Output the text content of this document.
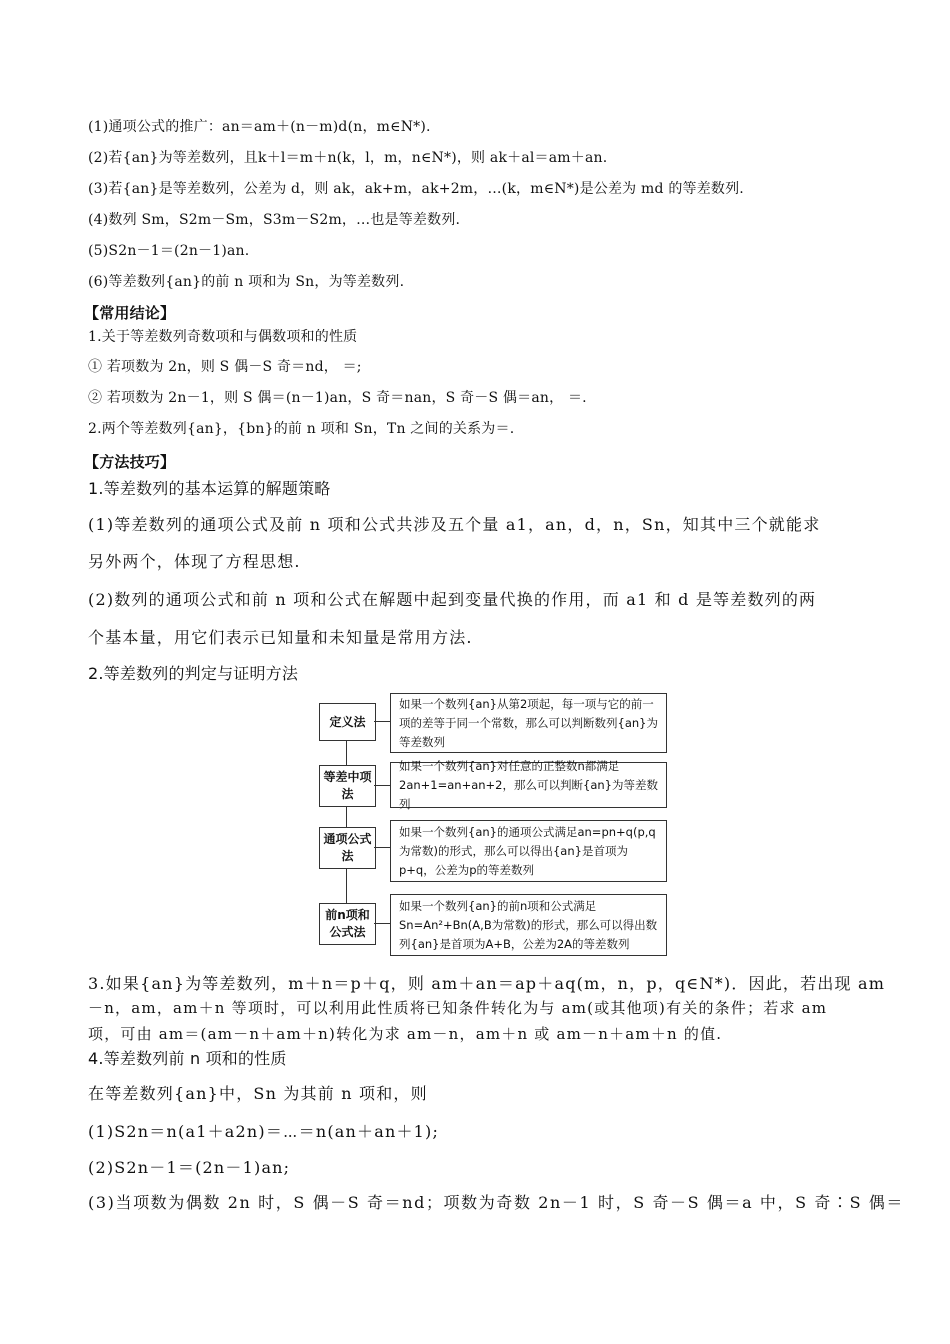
(1)通项公式的推广：an＝am＋(n－m)d(n，m∈N*).
(2)若{an}为等差数列，且k＋l＝m＋n(k，l，m，n∈N*)，则 ak＋al＝am＋an.
(3)若{an}是等差数列，公差为 d，则 ak，ak+m，ak+2m，…(k，m∈N*)是公差为 md 的等差数列.
(4)数列 Sm，S2m－Sm，S3m－S2m，…也是等差数列.
(5)S2n－1＝(2n－1)an.
(6)等差数列{an}的前 n 项和为 Sn，为等差数列.
【常用结论】
1.关于等差数列奇数项和与偶数项和的性质
① 若项数为 2n，则 S 偶－S 奇＝nd， ＝;
② 若项数为 2n－1，则 S 偶＝(n－1)an，S 奇＝nan，S 奇－S 偶＝an， ＝.
2.两个等差数列{an}，{bn}的前 n 项和 Sn，Tn 之间的关系为＝.
【方法技巧】
1.等差数列的基本运算的解题策略
(1)等差数列的通项公式及前 n 项和公式共涉及五个量 a1，an，d，n，Sn，知其中三个就能求
另外两个，体现了方程思想.
(2)数列的通项公式和前 n 项和公式在解题中起到变量代换的作用，而 a1 和 d 是等差数列的两
个基本量，用它们表示已知量和未知量是常用方法.
2.等差数列的判定与证明方法
定义法
如果一个数列{an}从第2项起，每一项与它的前一项的差等于同一个常数，那么可以判断数列{an}为等差数列
等差中项法
如果一个数列{an}对任意的正整数n都满足2an+1=an+an+2，那么可以判断{an}为等差数列
通项公式法
如果一个数列{an}的通项公式满足an=pn+q(p,q为常数)的形式，那么可以得出{an}是首项为p+q，公差为p的等差数列
前n项和公式法
如果一个数列{an}的前n项和公式满足Sn=An²+Bn(A,B为常数)的形式，那么可以得出数列{an}是首项为A+B，公差为2A的等差数列
3.如果{an}为等差数列，m＋n＝p＋q，则 am＋an＝ap＋aq(m，n，p，q∈N*)．因此，若出现 am
－n，am，am＋n 等项时，可以利用此性质将已知条件转化为与 am(或其他项)有关的条件；若求 am
项，可由 am＝(am－n＋am＋n)转化为求 am－n，am＋n 或 am－n＋am＋n 的值.
4.等差数列前 n 项和的性质
在等差数列{an}中，Sn 为其前 n 项和，则
(1)S2n＝n(a1＋a2n)＝⋯＝n(an＋an＋1);
(2)S2n－1＝(2n－1)an;
(3)当项数为偶数 2n 时，S 偶－S 奇＝nd；项数为奇数 2n－1 时，S 奇－S 偶＝a 中，S 奇∶S 偶＝
